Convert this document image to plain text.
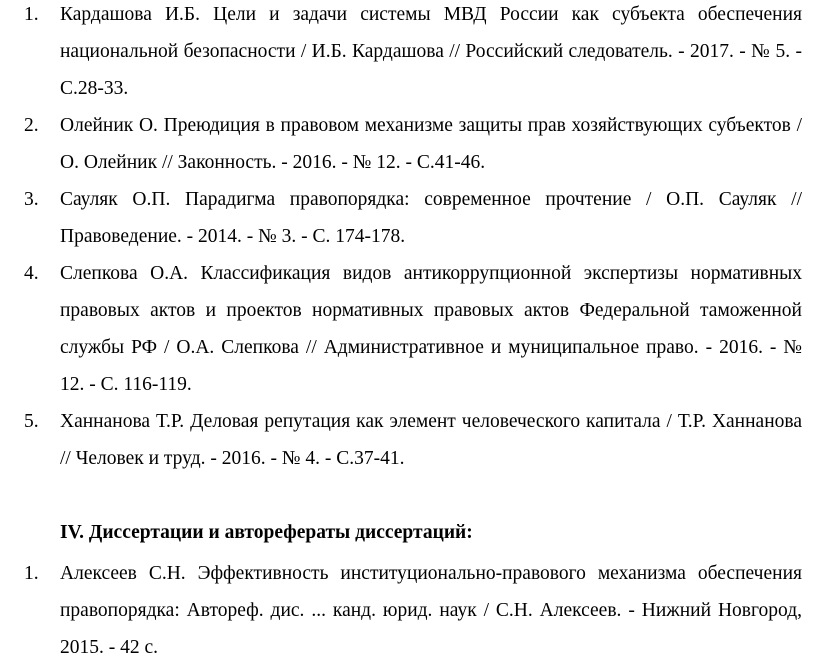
1. Кардашова И.Б. Цели и задачи системы МВД России как субъекта обеспечения национальной безопасности / И.Б. Кардашова // Российский следователь. - 2017. - № 5. - С.28-33.
2. Олейник О. Преюдиция в правовом механизме защиты прав хозяйствующих субъектов / О. Олейник // Законность. - 2016. - № 12. - С.41-46.
3. Сауляк О.П. Парадигма правопорядка: современное прочтение / О.П. Сауляк // Правоведение. - 2014. - № 3. - С. 174-178.
4. Слепкова О.А. Классификация видов антикоррупционной экспертизы нормативных правовых актов и проектов нормативных правовых актов Федеральной таможенной службы РФ / О.А. Слепкова // Административное и муниципальное право. - 2016. - № 12. - С. 116-119.
5. Ханнанова Т.Р. Деловая репутация как элемент человеческого капитала / Т.Р. Ханнанова // Человек и труд. - 2016. - № 4. - С.37-41.
IV. Диссертации и авторефераты диссертаций:
1. Алексеев С.Н. Эффективность институционально-правового механизма обеспечения правопорядка: Автореф. дис. ... канд. юрид. наук / С.Н. Алексеев. - Нижний Новгород, 2015. - 42 с.
